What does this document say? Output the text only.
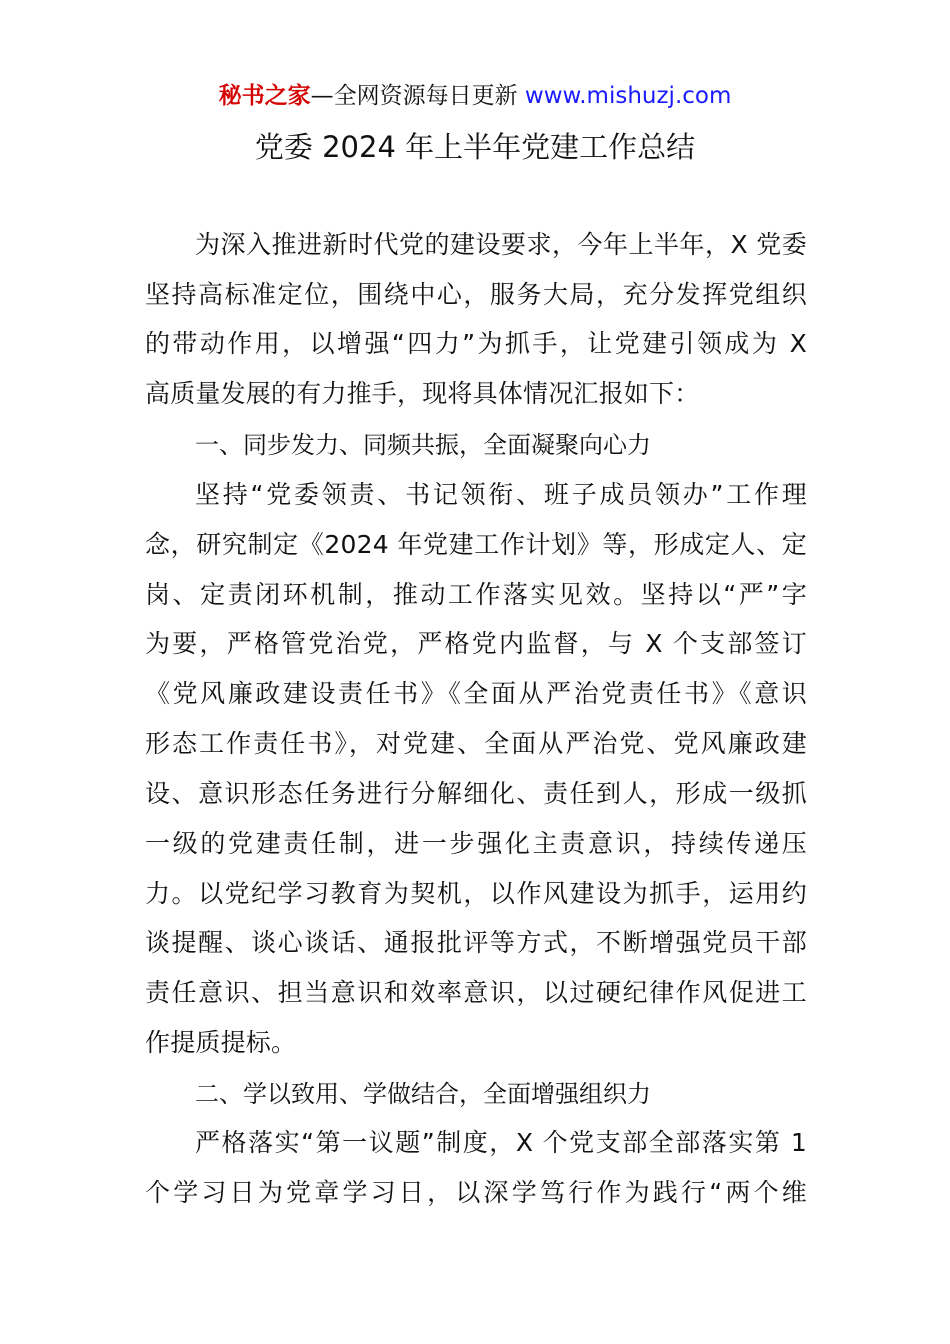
秘书之家—全网资源每日更新 www.mishuzj.com
党委 2024 年上半年党建工作总结
为深入推进新时代党的建设要求，今年上半年，X 党委
坚持高标准定位，围绕中心，服务大局，充分发挥党组织
的带动作用，以增强“四力”为抓手，让党建引领成为 X
高质量发展的有力推手，现将具体情况汇报如下：
一、同步发力、同频共振，全面凝聚向心力
坚持“党委领责、书记领衔、班子成员领办”工作理
念，研究制定《2024 年党建工作计划》等，形成定人、定
岗、定责闭环机制，推动工作落实见效。坚持以“严”字
为要，严格管党治党，严格党内监督，与 X 个支部签订
《党风廉政建设责任书》《全面从严治党责任书》《意识
形态工作责任书》，对党建、全面从严治党、党风廉政建
设、意识形态任务进行分解细化、责任到人，形成一级抓
一级的党建责任制，进一步强化主责意识，持续传递压
力。以党纪学习教育为契机，以作风建设为抓手，运用约
谈提醒、谈心谈话、通报批评等方式，不断增强党员干部
责任意识、担当意识和效率意识，以过硬纪律作风促进工
作提质提标。
二、学以致用、学做结合，全面增强组织力
严格落实“第一议题”制度，X 个党支部全部落实第 1
个学习日为党章学习日，以深学笃行作为践行“两个维
